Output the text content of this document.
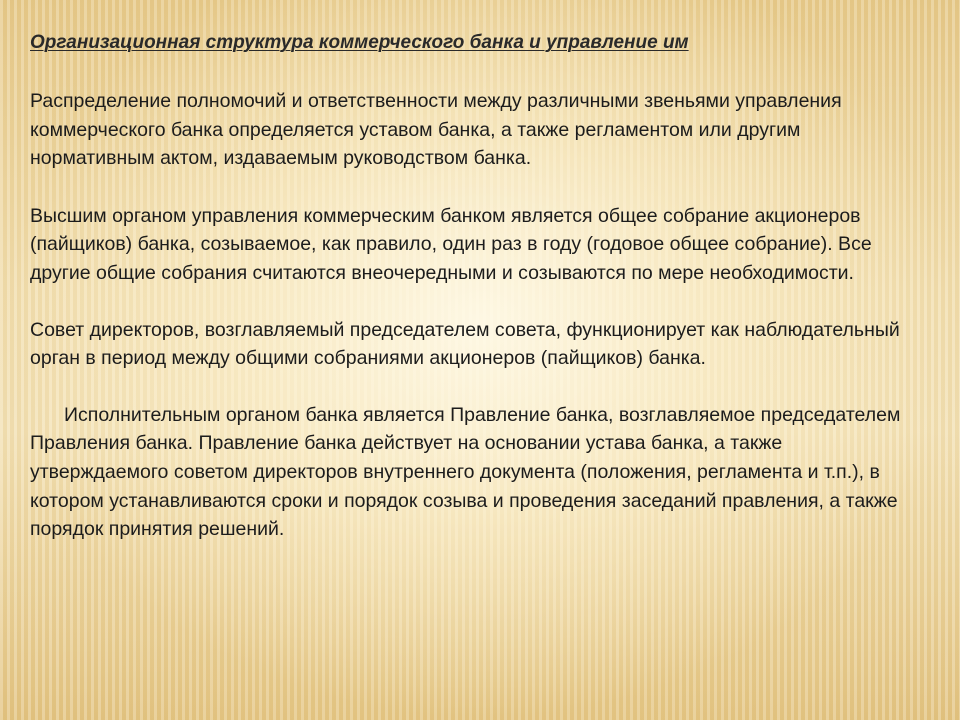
Организационная структура коммерческого банка и управление им

Распределение полномочий и ответственности между различными звеньями управления коммерческого банка определяется уставом банка, а также регламентом или другим нормативным актом, издаваемым руководством банка.

Высшим органом управления коммерческим банком является общее собрание акционеров (пайщиков) банка, созываемое, как правило, один раз в году (годовое общее собрание). Все другие общие собрания считаются внеочередными и созываются по мере необходимости.

Совет директоров, возглавляемый председателем совета, функционирует как наблюдательный орган в период между общими собраниями акционеров (пайщиков) банка.

Исполнительным органом банка является Правление банка, возглавляемое председателем Правления банка. Правление банка действует на основании устава банка, а также утверждаемого советом директоров внутреннего документа (положения, регламента и т.п.), в котором устанавливаются сроки и порядок созыва и проведения заседаний правления, а также порядок принятия решений.
